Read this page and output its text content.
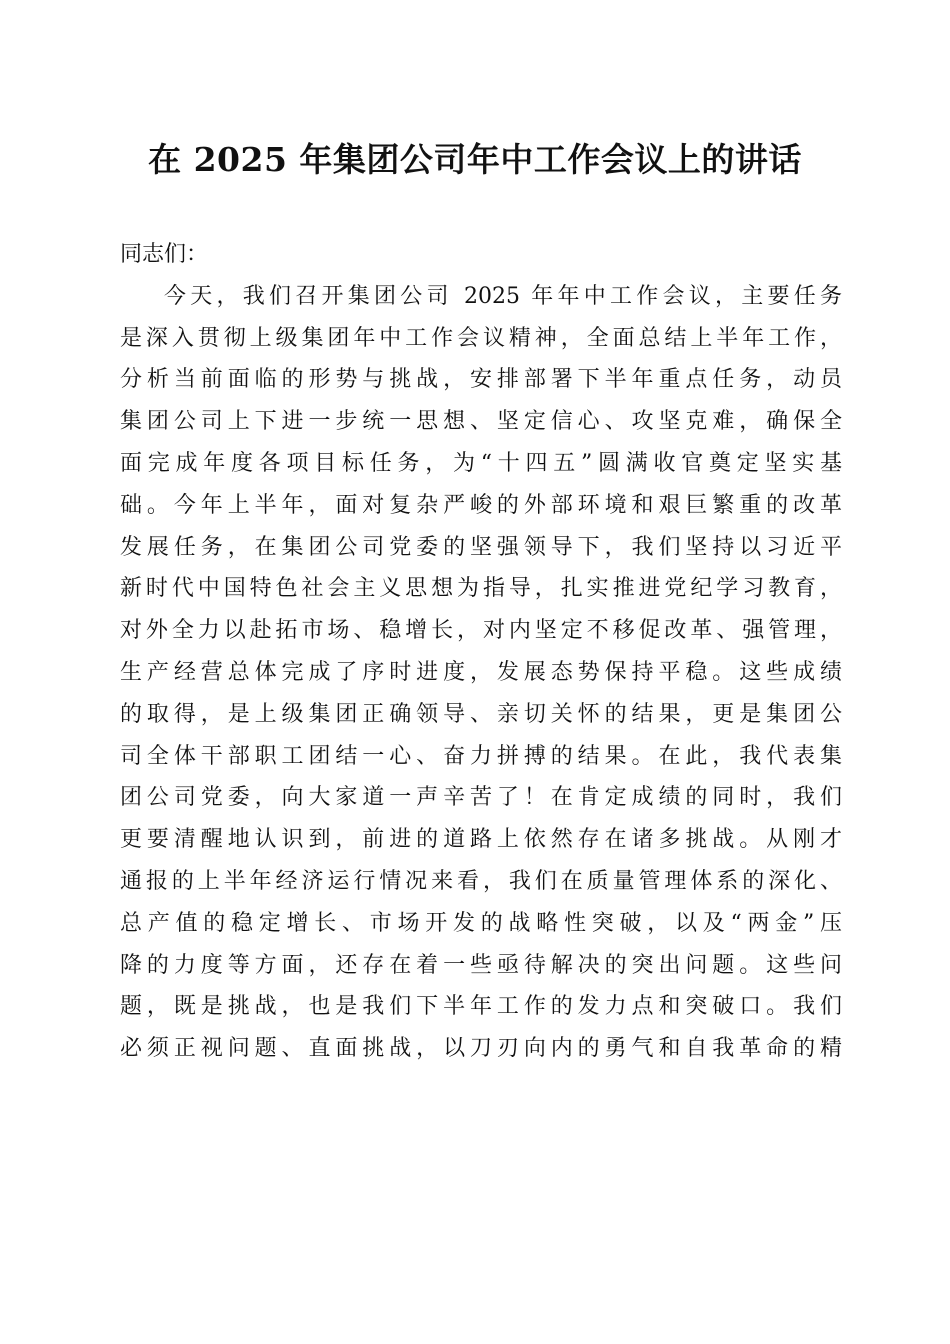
在 2025 年集团公司年中工作会议上的讲话
同志们：
今天，我们召开集团公司 2025 年年中工作会议，主要任务
是深入贯彻上级集团年中工作会议精神，全面总结上半年工作，
分析当前面临的形势与挑战，安排部署下半年重点任务，动员
集团公司上下进一步统一思想、坚定信心、攻坚克难，确保全
面完成年度各项目标任务，为“十四五”圆满收官奠定坚实基
础。今年上半年，面对复杂严峻的外部环境和艰巨繁重的改革
发展任务，在集团公司党委的坚强领导下，我们坚持以习近平
新时代中国特色社会主义思想为指导，扎实推进党纪学习教育，
对外全力以赴拓市场、稳增长，对内坚定不移促改革、强管理，
生产经营总体完成了序时进度，发展态势保持平稳。这些成绩
的取得，是上级集团正确领导、亲切关怀的结果，更是集团公
司全体干部职工团结一心、奋力拼搏的结果。在此，我代表集
团公司党委，向大家道一声辛苦了！在肯定成绩的同时，我们
更要清醒地认识到，前进的道路上依然存在诸多挑战。从刚才
通报的上半年经济运行情况来看，我们在质量管理体系的深化、
总产值的稳定增长、市场开发的战略性突破，以及“两金”压
降的力度等方面，还存在着一些亟待解决的突出问题。这些问
题，既是挑战，也是我们下半年工作的发力点和突破口。我们
必须正视问题、直面挑战，以刀刃向内的勇气和自我革命的精
